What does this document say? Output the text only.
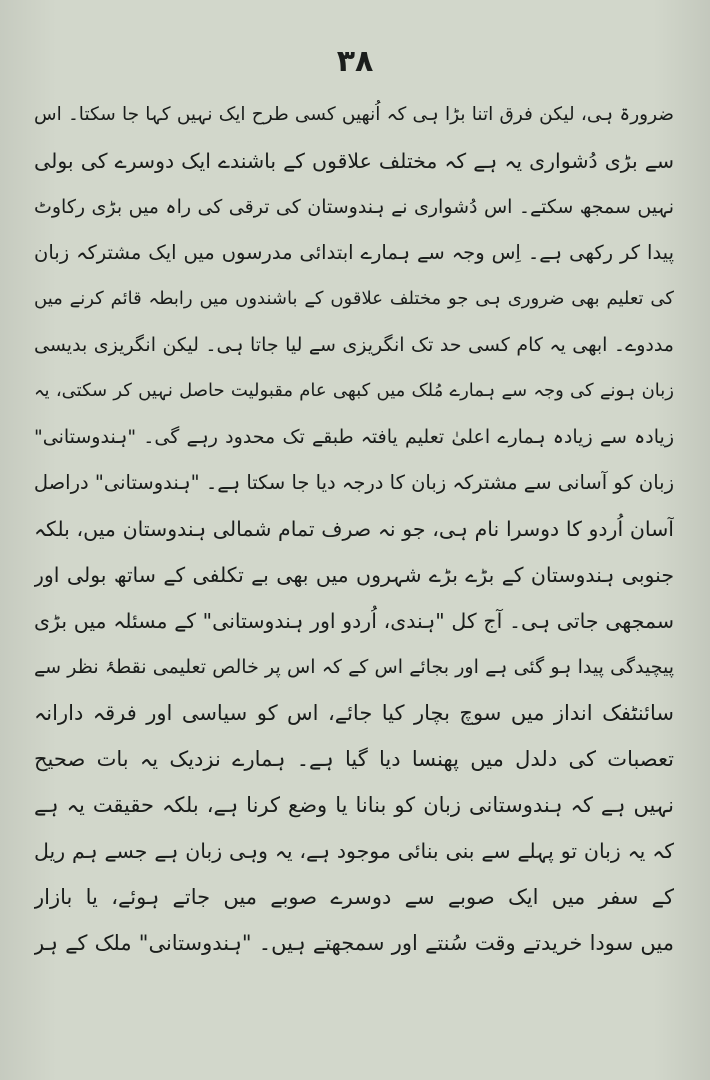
۳۸
ضرورۃ ہی، لیکن فرق اتنا بڑا ہی کہ اُنھیں کسی طرح ایک نہیں کہا جا سکتا۔ اس
سے بڑی دُشواری یہ ہے کہ مختلف علاقوں کے باشندے ایک دوسرے کی بولی
نہیں سمجھ سکتے۔ اس دُشواری نے ہندوستان کی ترقی کی راہ میں بڑی رکاوٹ
پیدا کر رکھی ہے۔ اِس وجہ سے ہمارے ابتدائی مدرسوں میں ایک مشترکہ زبان
کی تعلیم بھی ضروری ہی جو مختلف علاقوں کے باشندوں میں رابطہ قائم کرنے میں
مددوے۔ ابھی یہ کام کسی حد تک انگریزی سے لیا جاتا ہی۔ لیکن انگریزی بدیسی
زبان ہونے کی وجہ سے ہمارے مُلک میں کبھی عام مقبولیت حاصل نہیں کر سکتی، یہ
زیادہ سے زیادہ ہمارے اعلیٰ تعلیم یافتہ طبقے تک محدود رہے گی۔ "ہندوستانی"
زبان کو آسانی سے مشترکہ زبان کا درجہ دیا جا سکتا ہے۔ "ہندوستانی" دراصل
آسان اُردو کا دوسرا نام ہی، جو نہ صرف تمام شمالی ہندوستان میں، بلکہ
جنوبی ہندوستان کے بڑے بڑے شہروں میں بھی بے تکلفی کے ساتھ بولی اور
سمجھی جاتی ہی۔ آج کل "ہندی، اُردو اور ہندوستانی" کے مسئلہ میں بڑی
پیچیدگی پیدا ہو گئی ہے اور بجائے اس کے کہ اس پر خالص تعلیمی نقطۂ نظر سے
سائنٹفک انداز میں سوچ بچار کیا جائے، اس کو سیاسی اور فرقہ دارانہ
تعصبات کی دلدل میں پھنسا دیا گیا ہے۔ ہمارے نزدیک یہ بات صحیح
نہیں ہے کہ ہندوستانی زبان کو بنانا یا وضع کرنا ہے، بلکہ حقیقت یہ ہے
کہ یہ زبان تو پہلے سے بنی بنائی موجود ہے، یہ وہی زبان ہے جسے ہم ریل
کے سفر میں ایک صوبے سے دوسرے صوبے میں جاتے ہوئے، یا بازار
میں سودا خریدتے وقت سُنتے اور سمجھتے ہیں۔ "ہندوستانی" ملک کے ہر
